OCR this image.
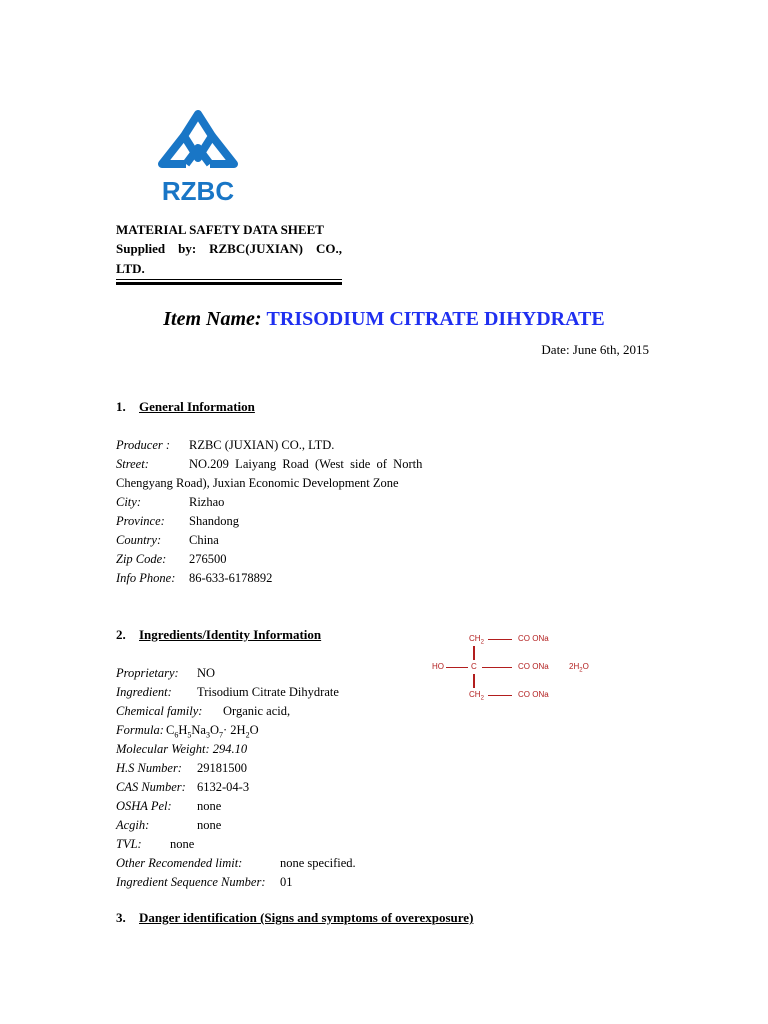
RZBC
MATERIAL SAFETY DATA SHEET
Supplied by: RZBC(JUXIAN) CO.,
LTD.
Item Name: TRISODIUM CITRATE DIHYDRATE
Date: June 6th, 2015
1. General Information
Producer : RZBC (JUXIAN) CO., LTD.
Street:	NO.209  Laiyang  Road  (West  side  of  North
Chengyang Road), Juxian Economic Development Zone
City:	Rizhao
Province: Shandong
Country: China
Zip Code: 276500
Info Phone: 86-633-6178892
2. Ingredients/Identity Information	$CH_2$	CO ONa
HO	C	CO ONa	$2H_2O$
$CH_2$	CO ONa
Proprietary: NO
Ingredient: Trisodium Citrate Dihydrate
Chemical family: Organic acid,
Formula: $C_6H_5Na_3O_7\cdot 2H_2O$
Molecular Weight: 294.10
H.S Number: 29181500
CAS Number: 6132-04-3
OSHA Pel: none
Acgih:	none
TVL: none
Other Recomended limit:	none specified.
Ingredient Sequence Number: 01
3. Danger identification (Signs and symptoms of overexposure)
